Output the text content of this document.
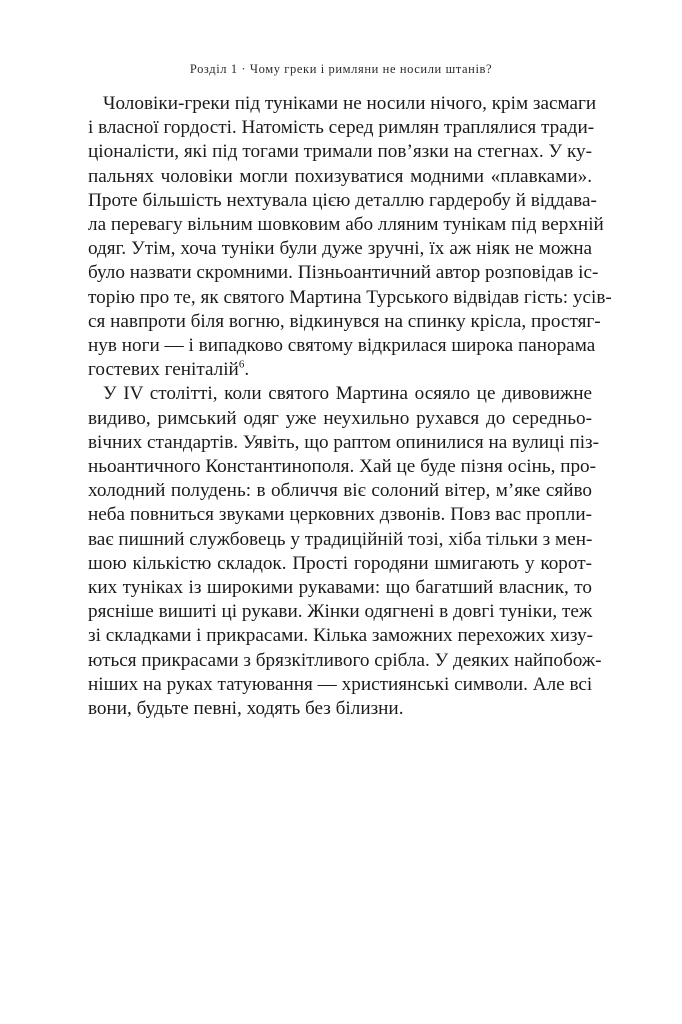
Розділ 1 · Чому греки і римляни не носили штанів?

Чоловіки-греки під туніками не носили нічого, крім засмаги
і власної гордості. Натомість серед римлян траплялися тради-
ціоналісти, які під тогами тримали пов’язки на стегнах. У ку-
пальнях чоловіки могли похизуватися модними «плавками».
Проте більшість нехтувала цією деталлю гардеробу й віддава-
ла перевагу вільним шовковим або лляним тунікам під верхній
одяг. Утім, хоча туніки були дуже зручні, їх аж ніяк не можна
було назвати скромними. Пізньоантичний автор розповідав іс-
торію про те, як святого Мартина Турського відвідав гість: усів-
ся навпроти біля вогню, відкинувся на спинку крісла, простяг-
нув ноги — і випадково святому відкрилася широка панорама
гостевих геніталій$^6$.

У IV столітті, коли святого Мартина осяяло це дивовижне
видиво, римський одяг уже неухильно рухався до середньо-
вічних стандартів. Уявіть, що раптом опинилися на вулиці піз-
ньоантичного Константинополя. Хай це буде пізня осінь, про-
холодний полудень: в обличчя віє солоний вітер, м’яке сяйво
неба повниться звуками церковних дзвонів. Повз вас пропли-
ває пишний службовець у традиційній тозі, хіба тільки з мен-
шою кількістю складок. Прості городяни шмигають у корот-
ких туніках із широкими рукавами: що багатший власник, то
рясніше вишиті ці рукави. Жінки одягнені в довгі туніки, теж
зі складками і прикрасами. Кілька заможних перехожих хизу-
ються прикрасами з брязкітливого срібла. У деяких найпобож-
ніших на руках татуювання — християнські символи. Але всі
вони, будьте певні, ходять без білизни.
